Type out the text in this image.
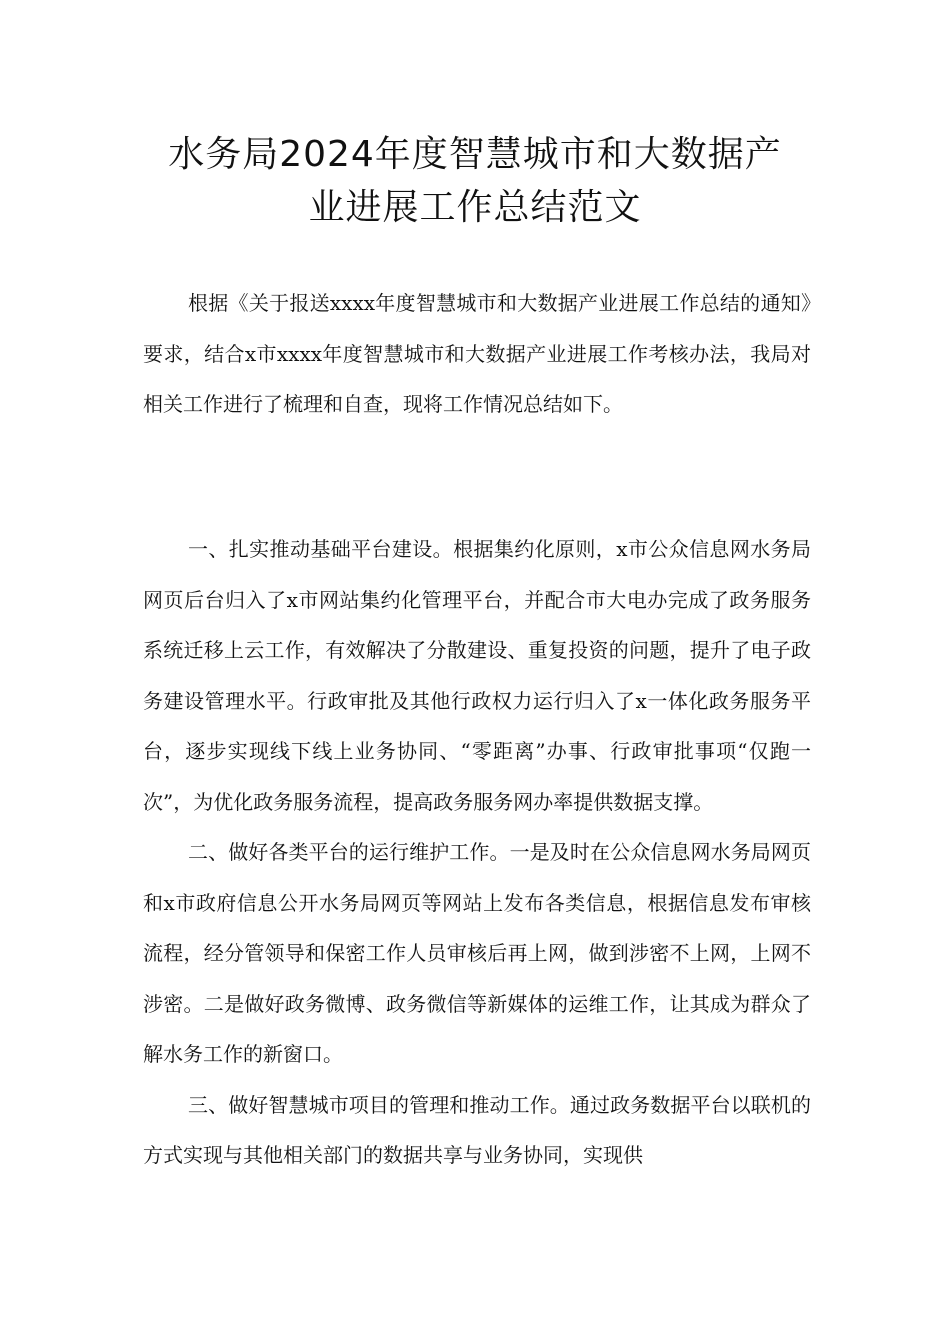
水务局2024年度智慧城市和大数据产
业进展工作总结范文

根据《关于报送xxxx年度智慧城市和大数据产业进展工作总结的通知》要求，结合x市xxxx年度智慧城市和大数据产业进展工作考核办法，我局对相关工作进行了梳理和自查，现将工作情况总结如下。

一、扎实推动基础平台建设。根据集约化原则，x市公众信息网水务局网页后台归入了x市网站集约化管理平台，并配合市大电办完成了政务服务系统迁移上云工作，有效解决了分散建设、重复投资的问题，提升了电子政务建设管理水平。行政审批及其他行政权力运行归入了x一体化政务服务平台，逐步实现线下线上业务协同、“零距离”办事、行政审批事项“仅跑一次”，为优化政务服务流程，提高政务服务网办率提供数据支撑。

二、做好各类平台的运行维护工作。一是及时在公众信息网水务局网页和x市政府信息公开水务局网页等网站上发布各类信息，根据信息发布审核流程，经分管领导和保密工作人员审核后再上网，做到涉密不上网，上网不涉密。二是做好政务微博、政务微信等新媒体的运维工作，让其成为群众了解水务工作的新窗口。

三、做好智慧城市项目的管理和推动工作。通过政务数据平台以联机的方式实现与其他相关部门的数据共享与业务协同，实现供
